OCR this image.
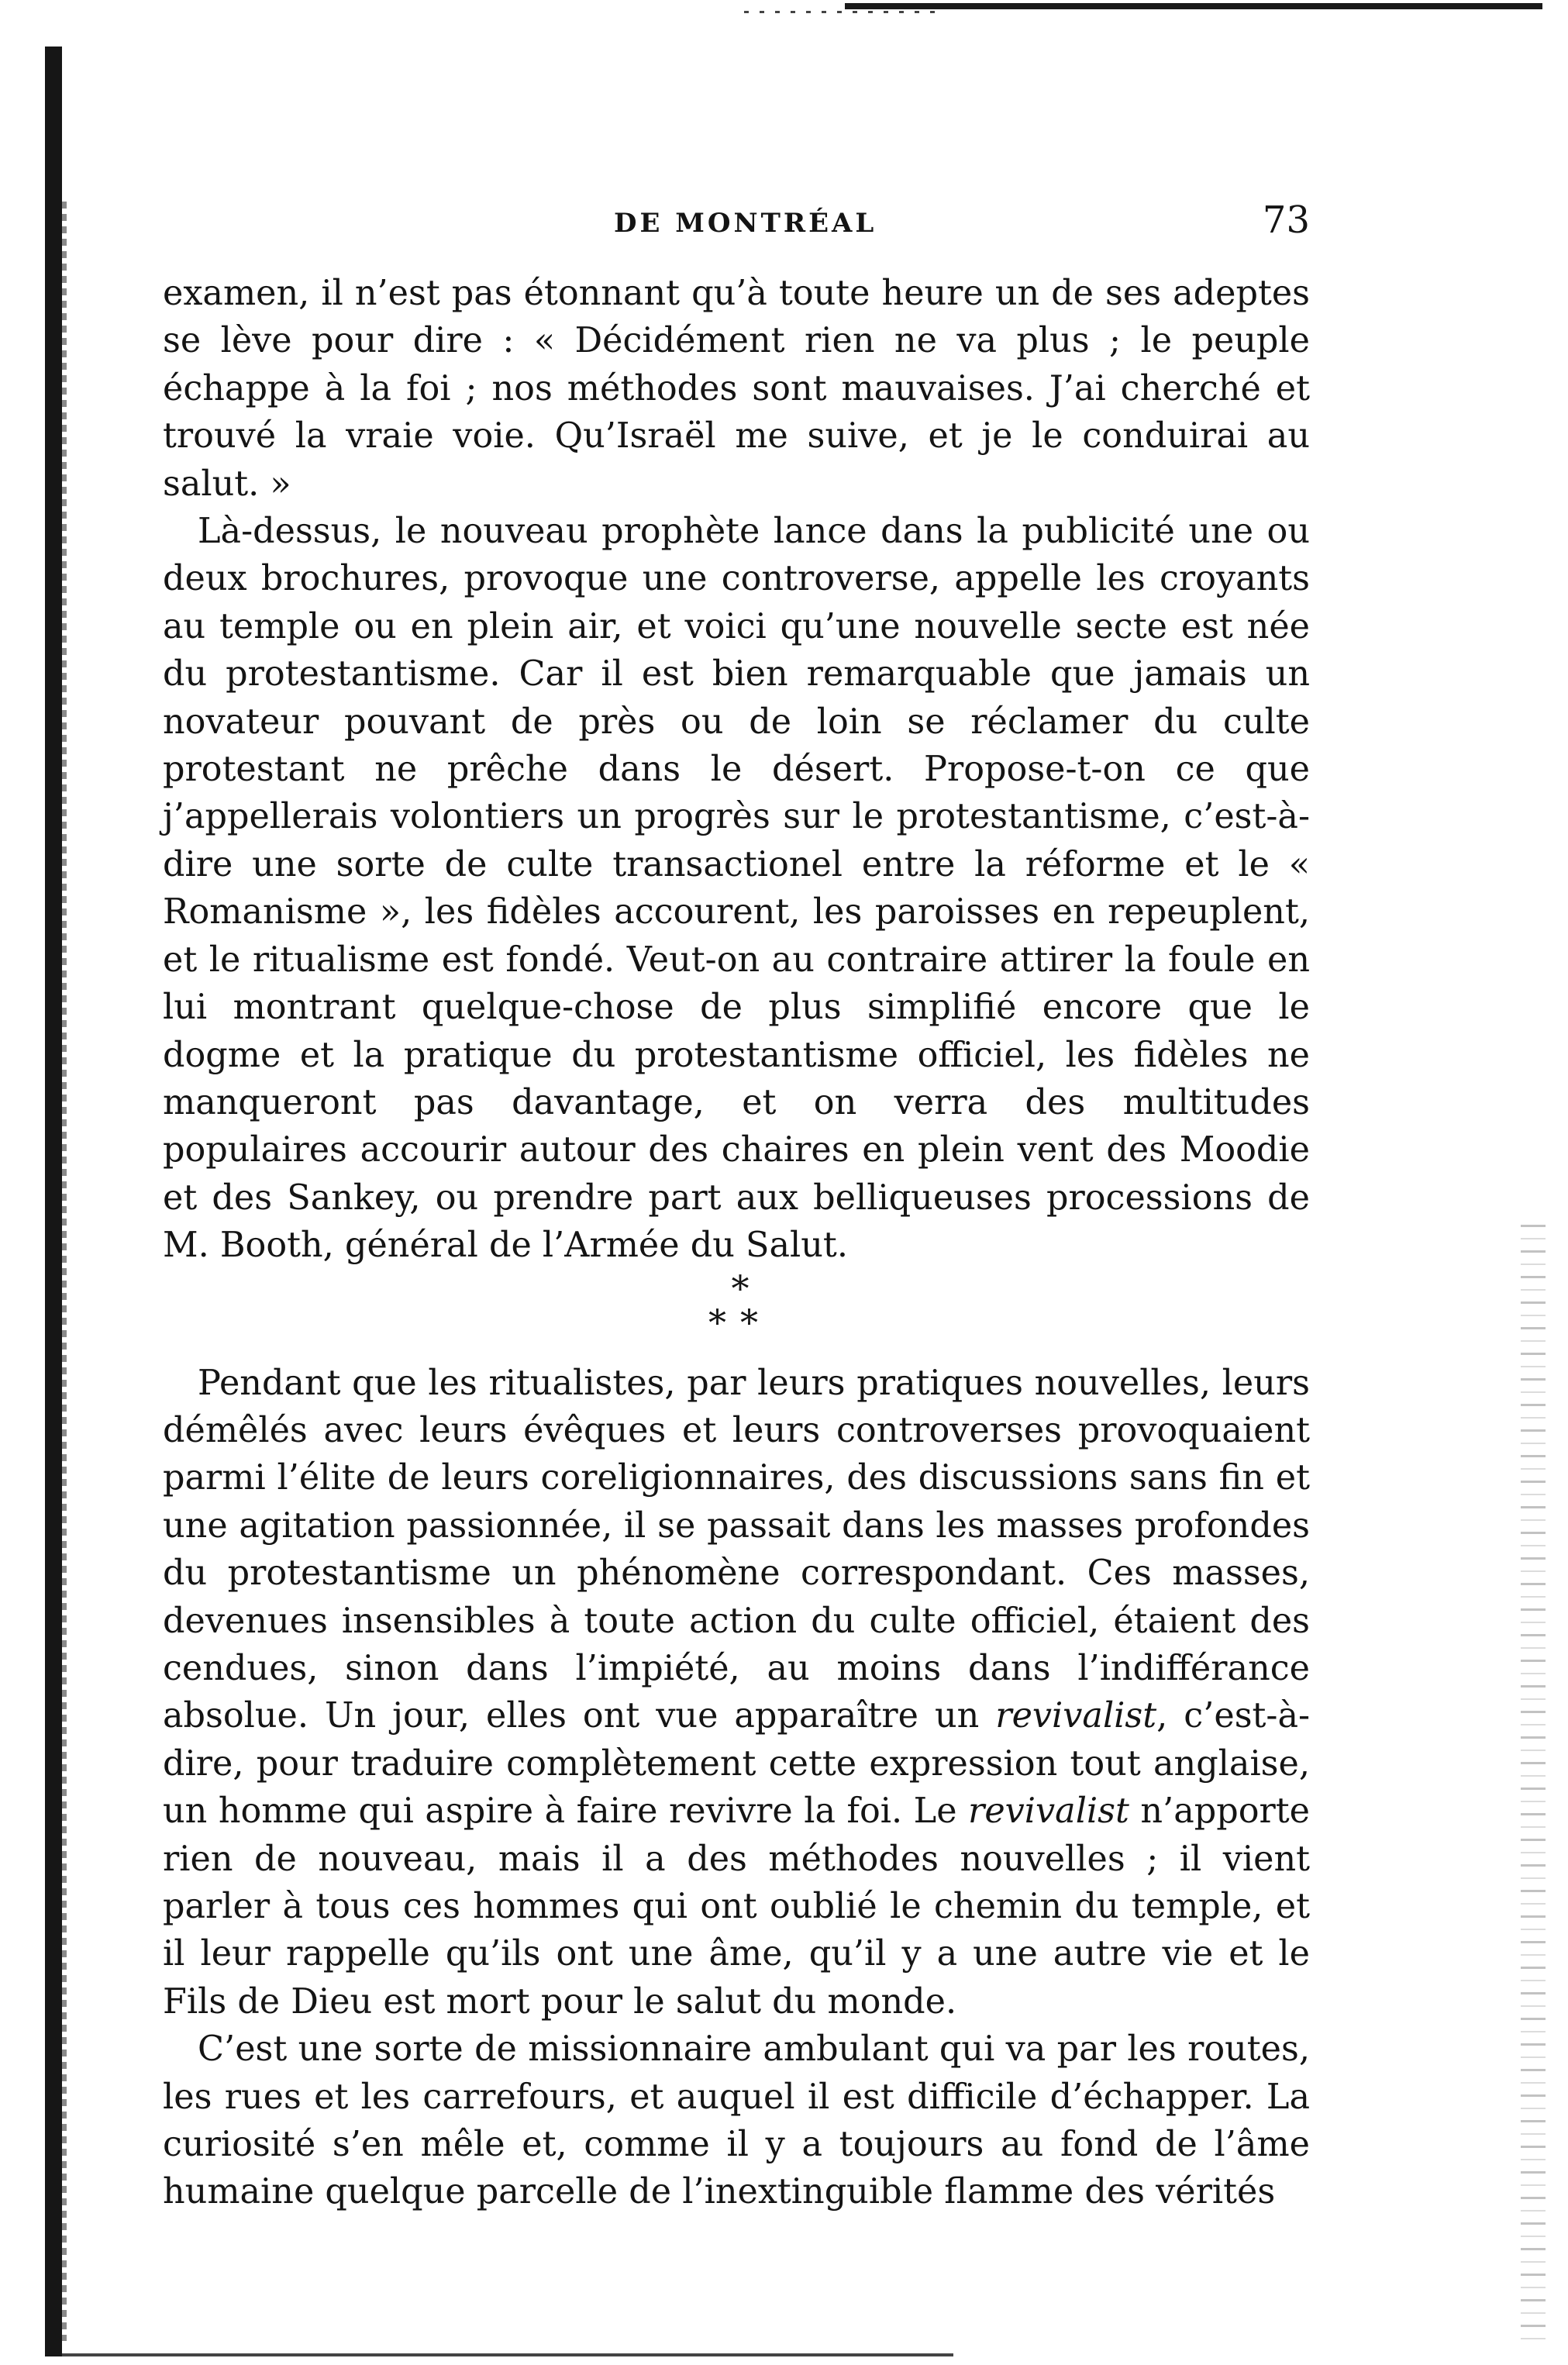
DE MONTRÉAL	73

examen, il n’est pas étonnant qu’à toute heure un de ses adeptes se lève pour dire : « Décidément rien ne va plus ; le peuple échappe à la foi ; nos méthodes sont mauvaises. J’ai cherché et trouvé la vraie voie. Qu’Israël me suive, et je le conduirai au salut. »

Là-dessus, le nouveau prophète lance dans la publicité une ou deux brochures, provoque une controverse, appelle les croyants au temple ou en plein air, et voici qu’une nouvelle secte est née du protestantisme. Car il est bien remarquable que jamais un novateur pouvant de près ou de loin se réclamer du culte protestant ne prêche dans le désert. Propose-t-on ce que j’appellerais volontiers un progrès sur le protestantisme, c’est-à-dire une sorte de culte transactionel entre la réforme et le « Romanisme », les fidèles accourent, les paroisses en repeuplent, et le ritualisme est fondé. Veut-on au contraire attirer la foule en lui montrant quelque-chose de plus simplifié encore que le dogme et la pratique du protestantisme officiel, les fidèles ne manqueront pas davantage, et on verra des multitudes populaires accourir autour des chaires en plein vent des Moodie et des Sankey, ou prendre part aux belliqueuses processions de M. Booth, général de l’Armée du Salut.

*
**

Pendant que les ritualistes, par leurs pratiques nouvelles, leurs démêlés avec leurs évêques et leurs controverses provoquaient parmi l’élite de leurs coreligionnaires, des discussions sans fin et une agitation passionnée, il se passait dans les masses profondes du protestantisme un phénomène correspondant. Ces masses, devenues insensibles à toute action du culte officiel, étaient des cendues, sinon dans l’impiété, au moins dans l’indifférance absolue. Un jour, elles ont vue apparaître un revivalist, c’est-à-dire, pour traduire complètement cette expression tout anglaise, un homme qui aspire à faire revivre la foi. Le revivalist n’apporte rien de nouveau, mais il a des méthodes nouvelles ; il vient parler à tous ces hommes qui ont oublié le chemin du temple, et il leur rappelle qu’ils ont une âme, qu’il y a une autre vie et le Fils de Dieu est mort pour le salut du monde.

C’est une sorte de missionnaire ambulant qui va par les routes, les rues et les carrefours, et auquel il est difficile d’échapper. La curiosité s’en mêle et, comme il y a toujours au fond de l’âme humaine quelque parcelle de l’inextinguible flamme des vérités
